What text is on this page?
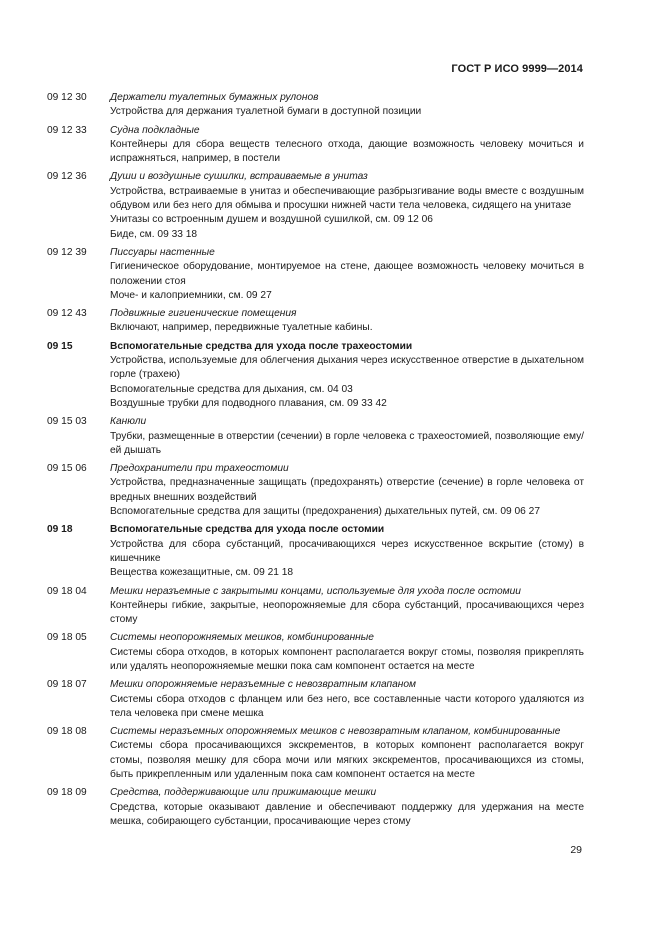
ГОСТ Р ИСО 9999—2014
09 12 30	Держатели туалетных бумажных рулонов
Устройства для держания туалетной бумаги в доступной позиции
09 12 33	Судна подкладные
Контейнеры для сбора веществ телесного отхода, дающие возможность человеку мочиться и испражняться, например, в постели
09 12 36	Души и воздушные сушилки, встраиваемые в унитаз
Устройства, встраиваемые в унитаз и обеспечивающие разбрызгивание воды вместе с воздушным обдувом или без него для обмыва и просушки нижней части тела человека, сидящего на унитазе
Унитазы со встроенным душем и воздушной сушилкой, см. 09 12 06
Биде, см. 09 33 18
09 12 39	Писсуары настенные
Гигиеническое оборудование, монтируемое на стене, дающее возможность человеку мочиться в положении стоя
Моче- и калоприемники, см. 09 27
09 12 43	Подвижные гигиенические помещения
Включают, например, передвижные туалетные кабины.
09 15	Вспомогательные средства для ухода после трахеостомии
Устройства, используемые для облегчения дыхания через искусственное отверстие в дыхательном горле (трахею)
Вспомогательные средства для дыхания, см. 04 03
Воздушные трубки для подводного плавания, см. 09 33 42
09 15 03	Канюли
Трубки, размещенные в отверстии (сечении) в горле человека с трахеостомией, позволяющие ему/ей дышать
09 15 06	Предохранители при трахеостомии
Устройства, предназначенные защищать (предохранять) отверстие (сечение) в горле человека от вредных внешних воздействий
Вспомогательные средства для защиты (предохранения) дыхательных путей, см. 09 06 27
09 18	Вспомогательные средства для ухода после остомии
Устройства для сбора субстанций, просачивающихся через искусственное вскрытие (стому) в кишечнике
Вещества кожезащитные, см. 09 21 18
09 18 04	Мешки неразъемные с закрытыми концами, используемые для ухода после остомии
Контейнеры гибкие, закрытые, неопорожняемые для сбора субстанций, просачивающихся через стому
09 18 05	Системы неопорожняемых мешков, комбинированные
Системы сбора отходов, в которых компонент располагается вокруг стомы, позволяя прикреплять или удалять неопорожняемые мешки пока сам компонент остается на месте
09 18 07	Мешки опорожняемые неразъемные с невозвратным клапаном
Системы сбора отходов с фланцем или без него, все составленные части которого удаляются из тела человека при смене мешка
09 18 08	Системы неразъемных опорожняемых мешков с невозвратным клапаном, комбинированные
Системы сбора просачивающихся экскрементов, в которых компонент располагается вокруг стомы, позволяя мешку для сбора мочи или мягких экскрементов, просачивающихся из стомы, быть прикрепленным или удаленным пока сам компонент остается на месте
09 18 09	Средства, поддерживающие или прижимающие мешки
Средства, которые оказывают давление и обеспечивают поддержку для удержания на месте мешка, собирающего субстанции, просачивающие через стому
29
